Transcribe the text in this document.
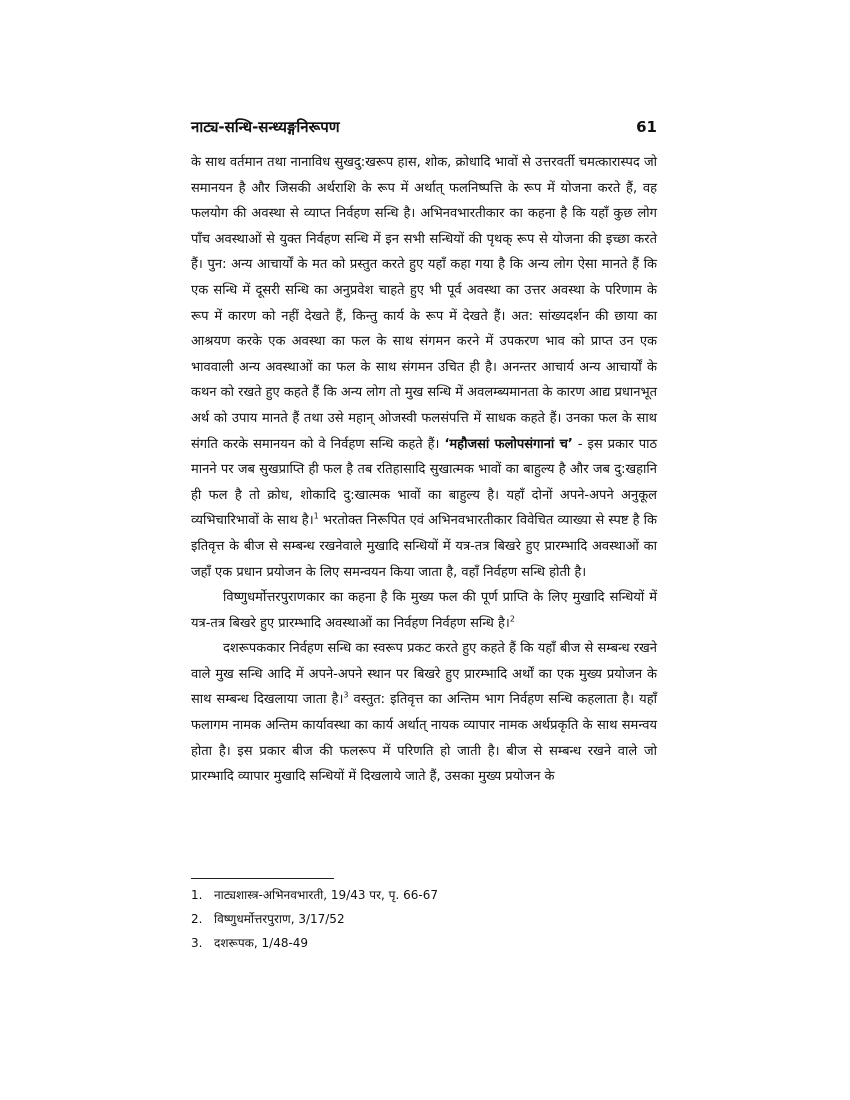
नाट्य-सन्धि-सन्ध्यङ्गनिरूपण	61

के साथ वर्तमान तथा नानाविध सुखदु:खरूप हास, शोक, क्रोधादि भावों से उत्तरवर्ती चमत्कारास्पद जो समानयन है और जिसकी अर्थराशि के रूप में अर्थात् फलनिष्पत्ति के रूप में योजना करते हैं, वह फलयोग की अवस्था से व्याप्त निर्वहण सन्धि है। अभिनवभारतीकार का कहना है कि यहाँ कुछ लोग पाँच अवस्थाओं से युक्त निर्वहण सन्धि में इन सभी सन्धियों की पृथक् रूप से योजना की इच्छा करते हैं। पुन: अन्य आचार्यों के मत को प्रस्तुत करते हुए यहाँ कहा गया है कि अन्य लोग ऐसा मानते हैं कि एक सन्धि में दूसरी सन्धि का अनुप्रवेश चाहते हुए भी पूर्व अवस्था का उत्तर अवस्था के परिणाम के रूप में कारण को नहीं देखते हैं, किन्तु कार्य के रूप में देखते हैं। अत: सांख्यदर्शन की छाया का आश्रयण करके एक अवस्था का फल के साथ संगमन करने में उपकरण भाव को प्राप्त उन एक भाववाली अन्य अवस्थाओं का फल के साथ संगमन उचित ही है। अनन्तर आचार्य अन्य आचार्यों के कथन को रखते हुए कहते हैं कि अन्य लोग तो मुख सन्धि में अवलम्ब्यमानता के कारण आद्य प्रधानभूत अर्थ को उपाय मानते हैं तथा उसे महान् ओजस्वी फलसंपत्ति में साधक कहते हैं। उनका फल के साथ संगति करके समानयन को वे निर्वहण सन्धि कहते हैं। ‘महौजसां फलोपसंगानां च’ - इस प्रकार पाठ मानने पर जब सुखप्राप्ति ही फल है तब रतिहासादि सुखात्मक भावों का बाहुल्य है और जब दु:खहानि ही फल है तो क्रोध, शोकादि दु:खात्मक भावों का बाहुल्य है। यहाँ दोनों अपने-अपने अनुकूल व्यभिचारिभावों के साथ है।$^1$ भरतोक्त निरूपित एवं अभिनवभारतीकार विवेचित व्याख्या से स्पष्ट है कि इतिवृत्त के बीज से सम्बन्ध रखनेवाले मुखादि सन्धियों में यत्र-तत्र बिखरे हुए प्रारम्भादि अवस्थाओं का जहाँ एक प्रधान प्रयोजन के लिए समन्वयन किया जाता है, वहाँ निर्वहण सन्धि होती है।

विष्णुधर्मोत्तरपुराणकार का कहना है कि मुख्य फल की पूर्ण प्राप्ति के लिए मुखादि सन्धियों में यत्र-तत्र बिखरे हुए प्रारम्भादि अवस्थाओं का निर्वहण निर्वहण सन्धि है।$^2$

दशरूपककार निर्वहण सन्धि का स्वरूप प्रकट करते हुए कहते हैं कि यहाँ बीज से सम्बन्ध रखने वाले मुख सन्धि आदि में अपने-अपने स्थान पर बिखरे हुए प्रारम्भादि अर्थों का एक मुख्य प्रयोजन के साथ सम्बन्ध दिखलाया जाता है।$^3$ वस्तुत: इतिवृत्त का अन्तिम भाग निर्वहण सन्धि कहलाता है। यहाँ फलागम नामक अन्तिम कार्यावस्था का कार्य अर्थात् नायक व्यापार नामक अर्थप्रकृति के साथ समन्वय होता है। इस प्रकार बीज की फलरूप में परिणति हो जाती है। बीज से सम्बन्ध रखने वाले जो प्रारम्भादि व्यापार मुखादि सन्धियों में दिखलाये जाते हैं, उसका मुख्य प्रयोजन के

1. नाट्यशास्त्र-अभिनवभारती, 19/43 पर, पृ. 66-67
2. विष्णुधर्मोत्तरपुराण, 3/17/52
3. दशरूपक, 1/48-49
